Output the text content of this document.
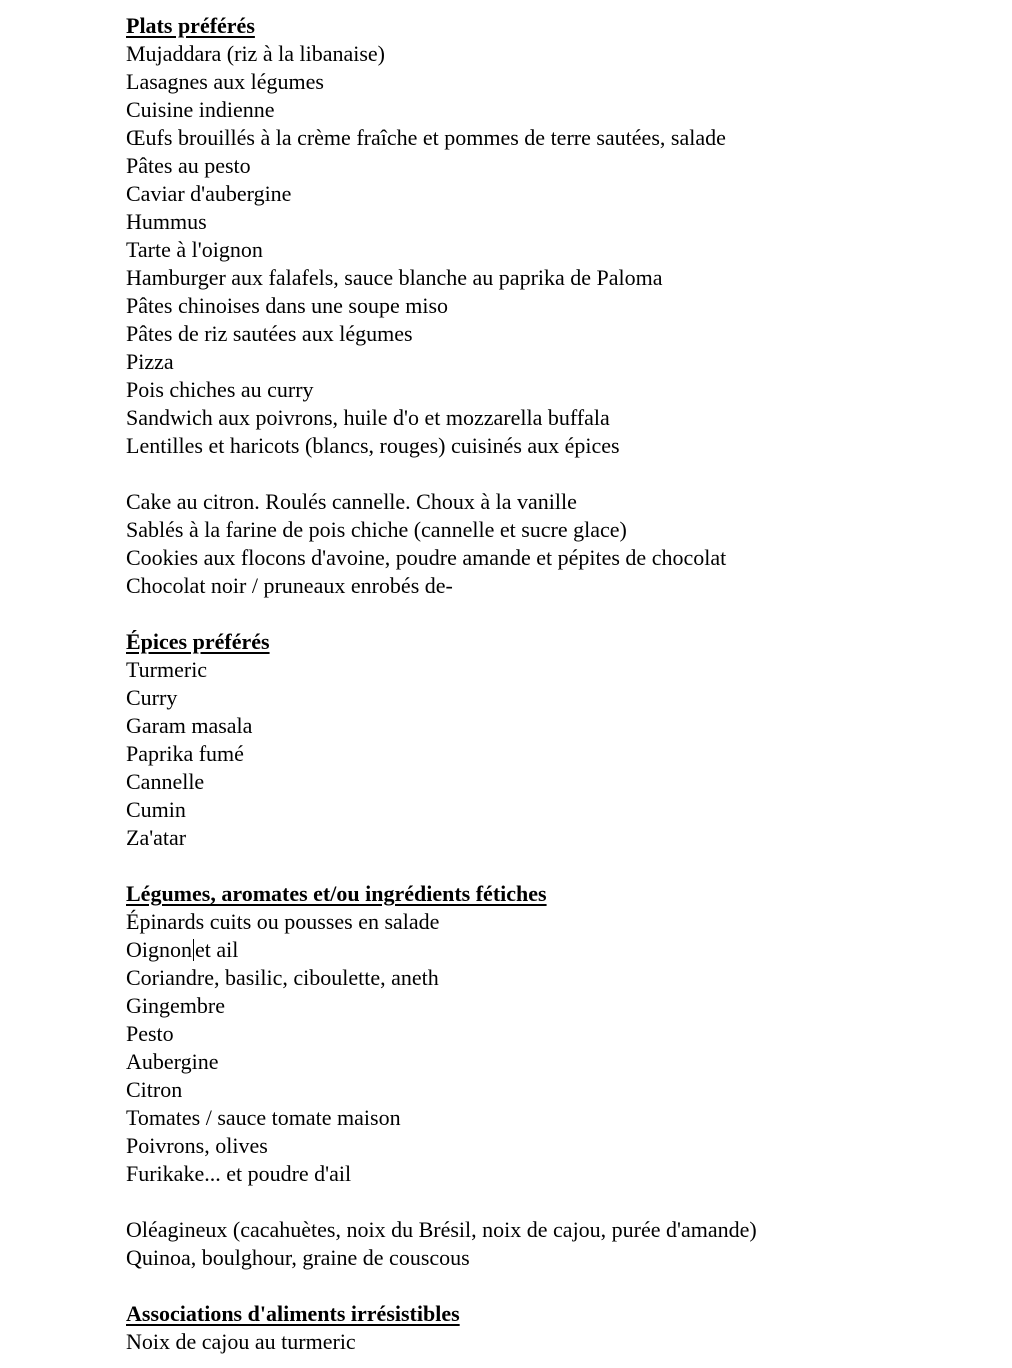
Plats préférés
Mujaddara (riz à la libanaise)
Lasagnes aux légumes
Cuisine indienne
Œufs brouillés à la crème fraîche et pommes de terre sautées, salade
Pâtes au pesto
Caviar d'aubergine
Hummus
Tarte à l'oignon
Hamburger aux falafels, sauce blanche au paprika de Paloma
Pâtes chinoises dans une soupe miso
Pâtes de riz sautées aux légumes
Pizza
Pois chiches au curry
Sandwich aux poivrons, huile d'o et mozzarella buffala
Lentilles et haricots (blancs, rouges) cuisinés aux épices
Cake au citron. Roulés cannelle. Choux à la vanille
Sablés à la farine de pois chiche (cannelle et sucre glace)
Cookies aux flocons d'avoine, poudre amande et pépites de chocolat
Chocolat noir / pruneaux enrobés de-
Épices préférés
Turmeric
Curry
Garam masala
Paprika fumé
Cannelle
Cumin
Za'atar
Légumes, aromates et/ou ingrédients fétiches
Épinards cuits ou pousses en salade
Oignon et ail
Coriandre, basilic, ciboulette, aneth
Gingembre
Pesto
Aubergine
Citron
Tomates / sauce tomate maison
Poivrons, olives
Furikake... et poudre d'ail
Oléagineux (cacahuètes, noix du Brésil, noix de cajou, purée d'amande)
Quinoa, boulghour, graine de couscous
Associations d'aliments irrésistibles
Noix de cajou au turmeric
